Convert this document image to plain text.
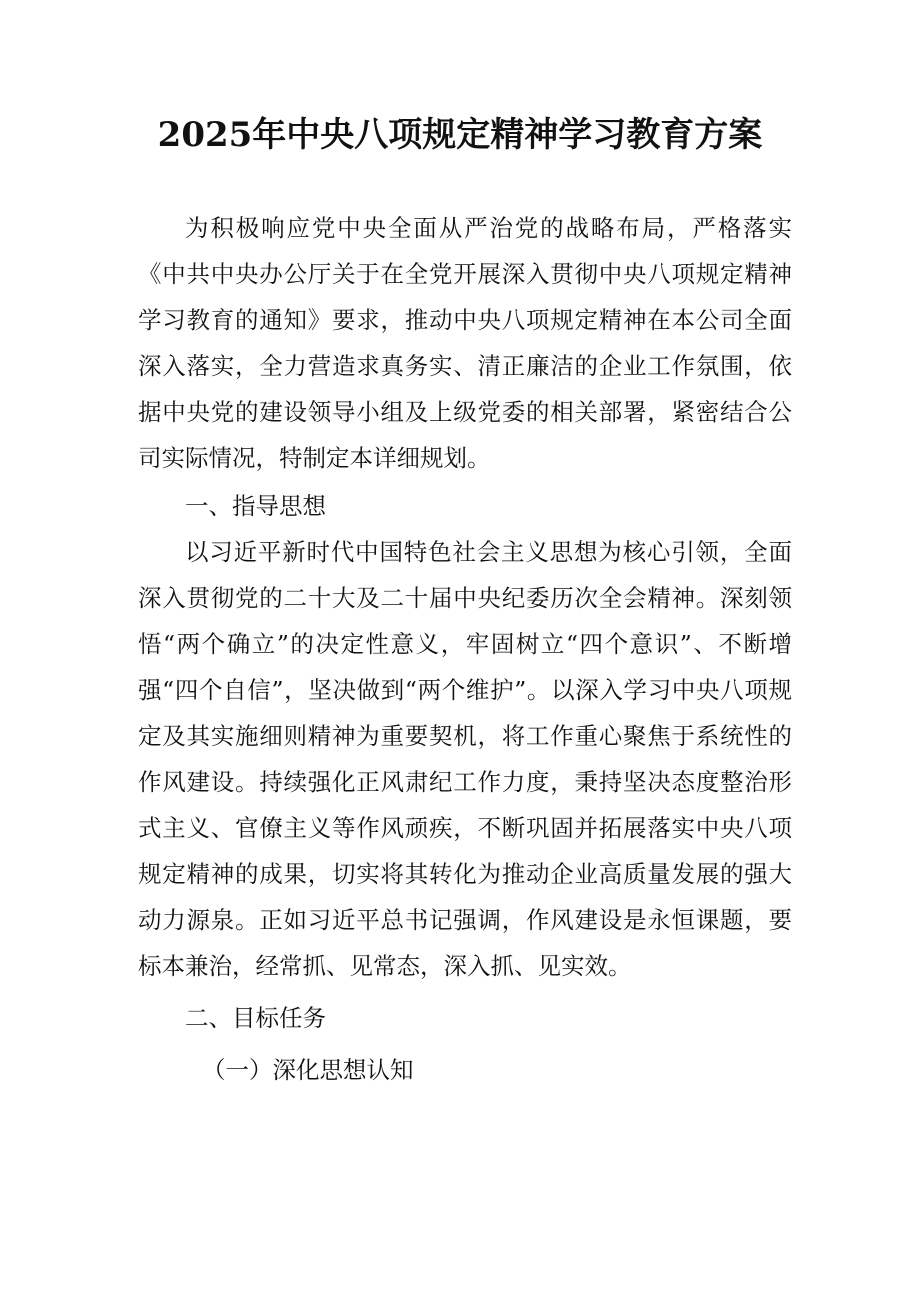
2025年中央八项规定精神学习教育方案

为积极响应党中央全面从严治党的战略布局，严格落实《中共中央办公厅关于在全党开展深入贯彻中央八项规定精神学习教育的通知》要求，推动中央八项规定精神在本公司全面深入落实，全力营造求真务实、清正廉洁的企业工作氛围，依据中央党的建设领导小组及上级党委的相关部署，紧密结合公司实际情况，特制定本详细规划。

一、指导思想

以习近平新时代中国特色社会主义思想为核心引领，全面深入贯彻党的二十大及二十届中央纪委历次全会精神。深刻领悟“两个确立”的决定性意义，牢固树立“四个意识”、不断增强“四个自信”，坚决做到“两个维护”。以深入学习中央八项规定及其实施细则精神为重要契机，将工作重心聚焦于系统性的作风建设。持续强化正风肃纪工作力度，秉持坚决态度整治形式主义、官僚主义等作风顽疾，不断巩固并拓展落实中央八项规定精神的成果，切实将其转化为推动企业高质量发展的强大动力源泉。正如习近平总书记强调，作风建设是永恒课题，要标本兼治，经常抓、见常态，深入抓、见实效。

二、目标任务

（一）深化思想认知
